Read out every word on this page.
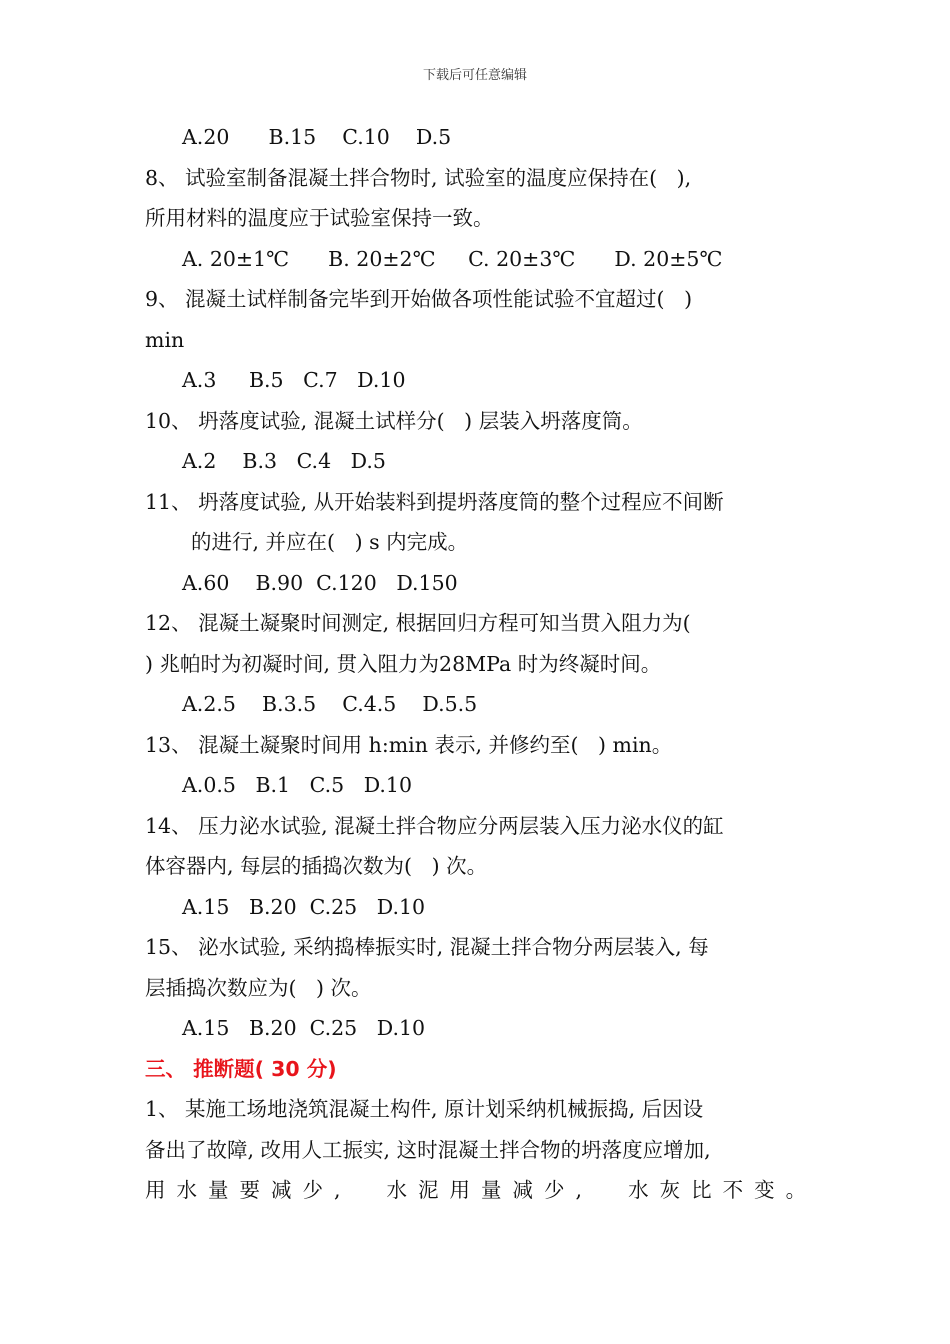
下载后可任意编辑
A.20      B.15    C.10    D.5
8、 试验室制备混凝土拌合物时, 试验室的温度应保持在(   ),
所用材料的温度应于试验室保持一致。
A. 20±1℃      B. 20±2℃     C. 20±3℃      D. 20±5℃
9、 混凝土试样制备完毕到开始做各项性能试验不宜超过(   )
min
A.3     B.5   C.7   D.10
10、 坍落度试验, 混凝土试样分(   ) 层装入坍落度筒。
A.2    B.3   C.4   D.5
11、 坍落度试验, 从开始装料到提坍落度筒的整个过程应不间断
的进行, 并应在(   ) s 内完成。
A.60    B.90  C.120   D.150
12、 混凝土凝聚时间测定, 根据回归方程可知当贯入阻力为(
) 兆帕时为初凝时间, 贯入阻力为28MPa 时为终凝时间。
A.2.5    B.3.5    C.4.5    D.5.5
13、 混凝土凝聚时间用 h:min 表示, 并修约至(   ) min。
A.0.5   B.1   C.5   D.10
14、 压力泌水试验, 混凝土拌合物应分两层装入压力泌水仪的缸
体容器内, 每层的插捣次数为(   ) 次。
A.15   B.20  C.25   D.10
15、 泌水试验, 采纳捣棒振实时, 混凝土拌合物分两层装入, 每
层插捣次数应为(   ) 次。
A.15   B.20  C.25   D.10
三、 推断题( 30 分)
1、 某施工场地浇筑混凝土构件, 原计划采纳机械振捣, 后因设
备出了故障, 改用人工振实, 这时混凝土拌合物的坍落度应增加,
用水量要减少,  水泥用量减少,  水灰比不变。
